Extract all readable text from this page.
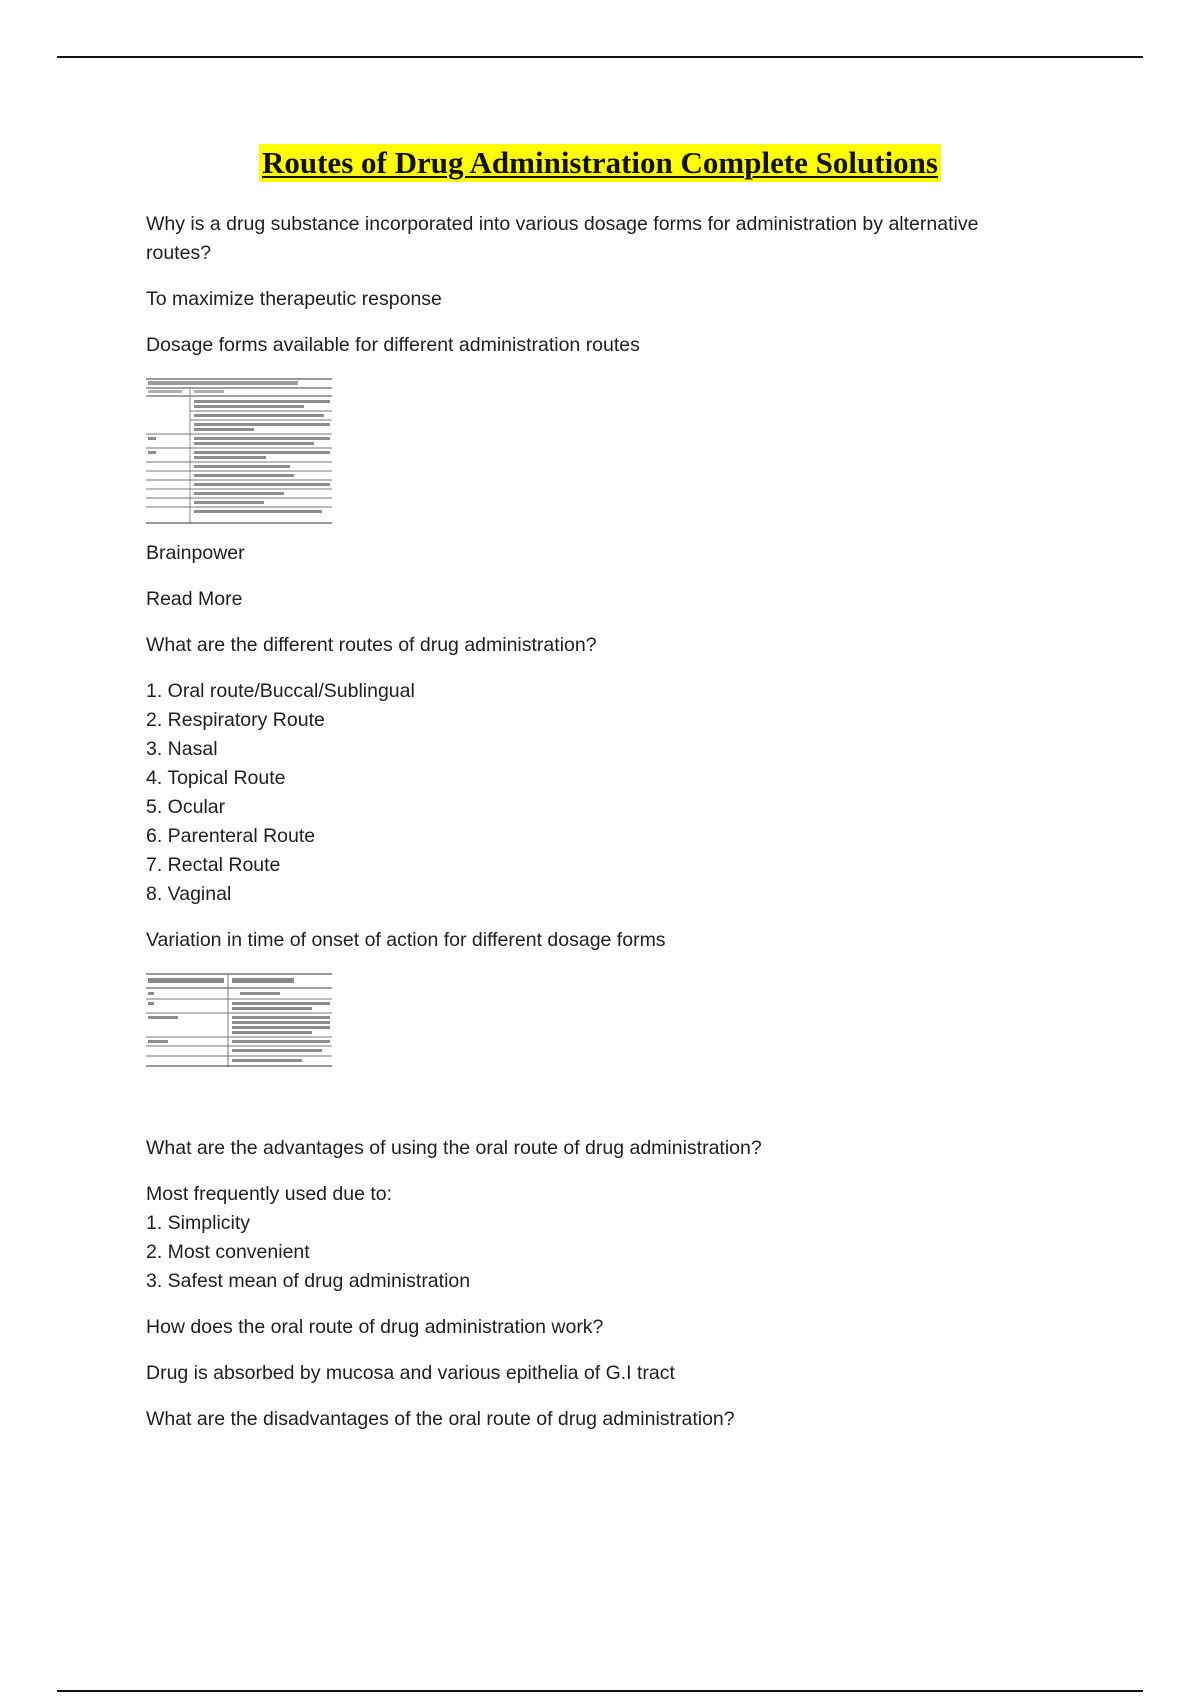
Routes of Drug Administration Complete Solutions

Why is a drug substance incorporated into various dosage forms for administration by alternative routes?

To maximize therapeutic response

Dosage forms available for different administration routes

Brainpower

Read More

What are the different routes of drug administration?

1. Oral route/Buccal/Sublingual
2. Respiratory Route
3. Nasal
4. Topical Route
5. Ocular
6. Parenteral Route
7. Rectal Route
8. Vaginal

Variation in time of onset of action for different dosage forms

What are the advantages of using the oral route of drug administration?

Most frequently used due to:
1. Simplicity
2. Most convenient
3. Safest mean of drug administration

How does the oral route of drug administration work?

Drug is absorbed by mucosa and various epithelia of G.I tract

What are the disadvantages of the oral route of drug administration?
